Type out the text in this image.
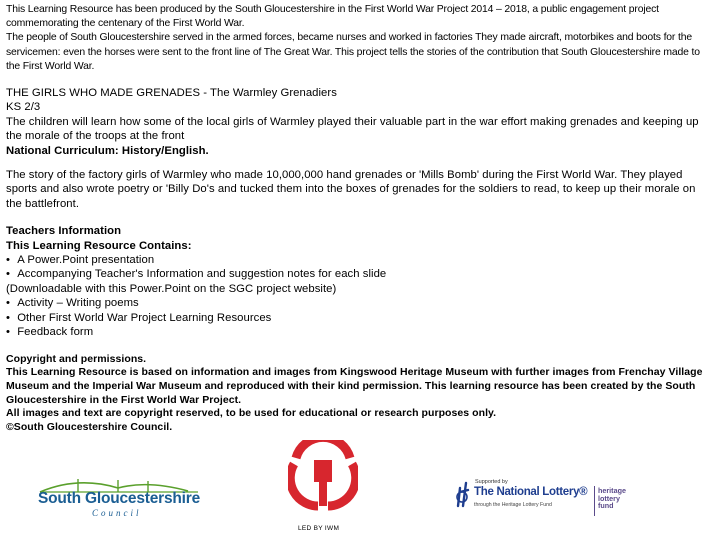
This Learning Resource has been produced by the South Gloucestershire in the First World War Project 2014 – 2018, a public engagement project commemorating the centenary of the First World War.

The people of South Gloucestershire served in the armed forces, became nurses and worked in factories They made aircraft, motorbikes and boots for the servicemen: even the horses were sent to the front line of The Great War. This project tells the stories of the contribution that South Gloucestershire made to the First World War.

THE GIRLS WHO MADE GRENADES - The Warmley Grenadiers

KS 2/3

The children will learn how some of the local girls of Warmley played their valuable part in the war effort making grenades and keeping up the morale of the troops at the front

National Curriculum: History/English.

The story of the factory girls of Warmley who made 10,000,000 hand grenades or 'Mills Bomb' during the First World War. They played sports and also wrote poetry or 'Billy Do's and tucked them into the boxes of grenades for the soldiers to read, to keep up their morale on the battlefront.

Teachers Information

This Learning Resource Contains:

• A Power.Point presentation

• Accompanying Teacher's Information and suggestion notes for each slide

(Downloadable with this Power.Point on the SGC project website)

• Activity – Writing poems

• Other First World War Project Learning Resources

• Feedback form

Copyright and permissions.

This Learning Resource is based on information and images from Kingswood Heritage Museum with further images from Frenchay Village Museum and the Imperial War Museum and reproduced with their kind permission. This learning resource has been created by the South Gloucestershire in the First World War Project.

All images and text are copyright reserved, to be used for educational or research purposes only.

©South Gloucestershire Council.

South Gloucestershire
Council
LED BY IWM
Supported by
The National Lottery®
through the Heritage Lottery Fund
heritage lottery fund
